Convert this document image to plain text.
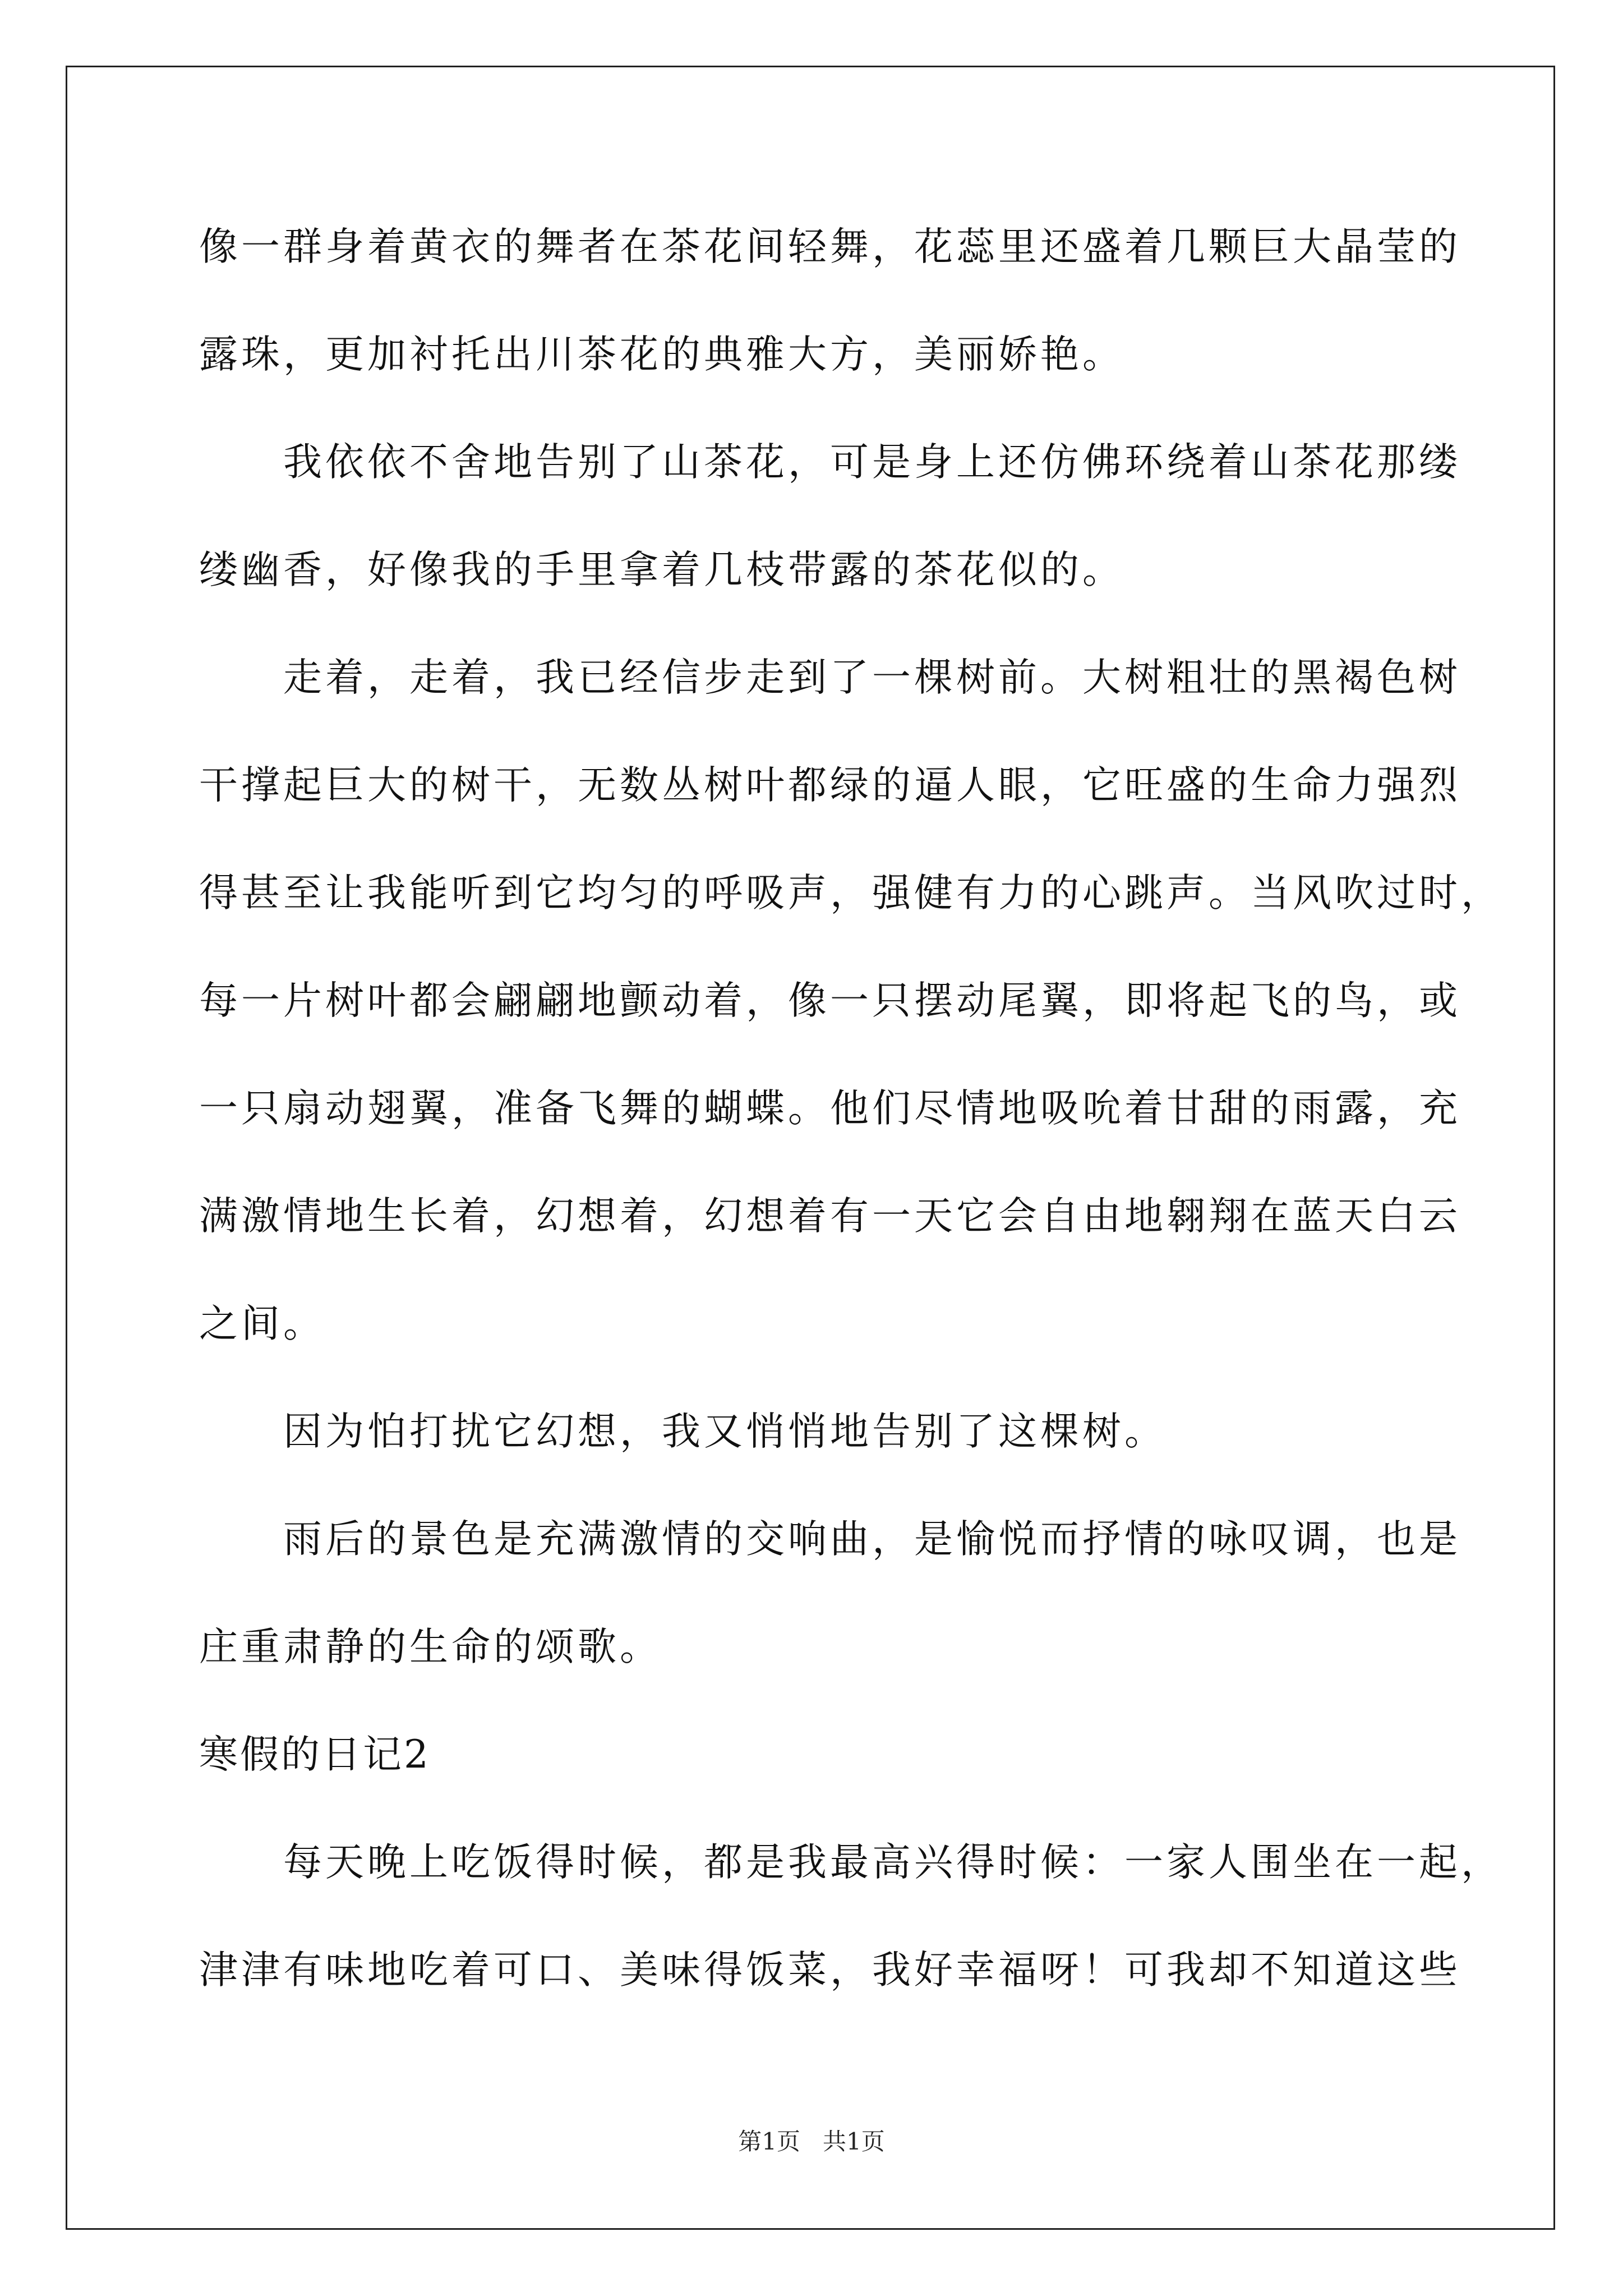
像一群身着黄衣的舞者在茶花间轻舞，花蕊里还盛着几颗巨大晶莹的
露珠，更加衬托出川茶花的典雅大方，美丽娇艳。
我依依不舍地告别了山茶花，可是身上还仿佛环绕着山茶花那缕
缕幽香，好像我的手里拿着几枝带露的茶花似的。
走着，走着，我已经信步走到了一棵树前。大树粗壮的黑褐色树
干撑起巨大的树干，无数丛树叶都绿的逼人眼，它旺盛的生命力强烈
得甚至让我能听到它均匀的呼吸声，强健有力的心跳声。当风吹过时，
每一片树叶都会翩翩地颤动着，像一只摆动尾翼，即将起飞的鸟，或
一只扇动翅翼，准备飞舞的蝴蝶。他们尽情地吸吮着甘甜的雨露，充
满激情地生长着，幻想着，幻想着有一天它会自由地翱翔在蓝天白云
之间。
因为怕打扰它幻想，我又悄悄地告别了这棵树。
雨后的景色是充满激情的交响曲，是愉悦而抒情的咏叹调，也是
庄重肃静的生命的颂歌。
寒假的日记2
每天晚上吃饭得时候，都是我最高兴得时候：一家人围坐在一起，
津津有味地吃着可口、美味得饭菜，我好幸福呀！可我却不知道这些
第1页 共1页
